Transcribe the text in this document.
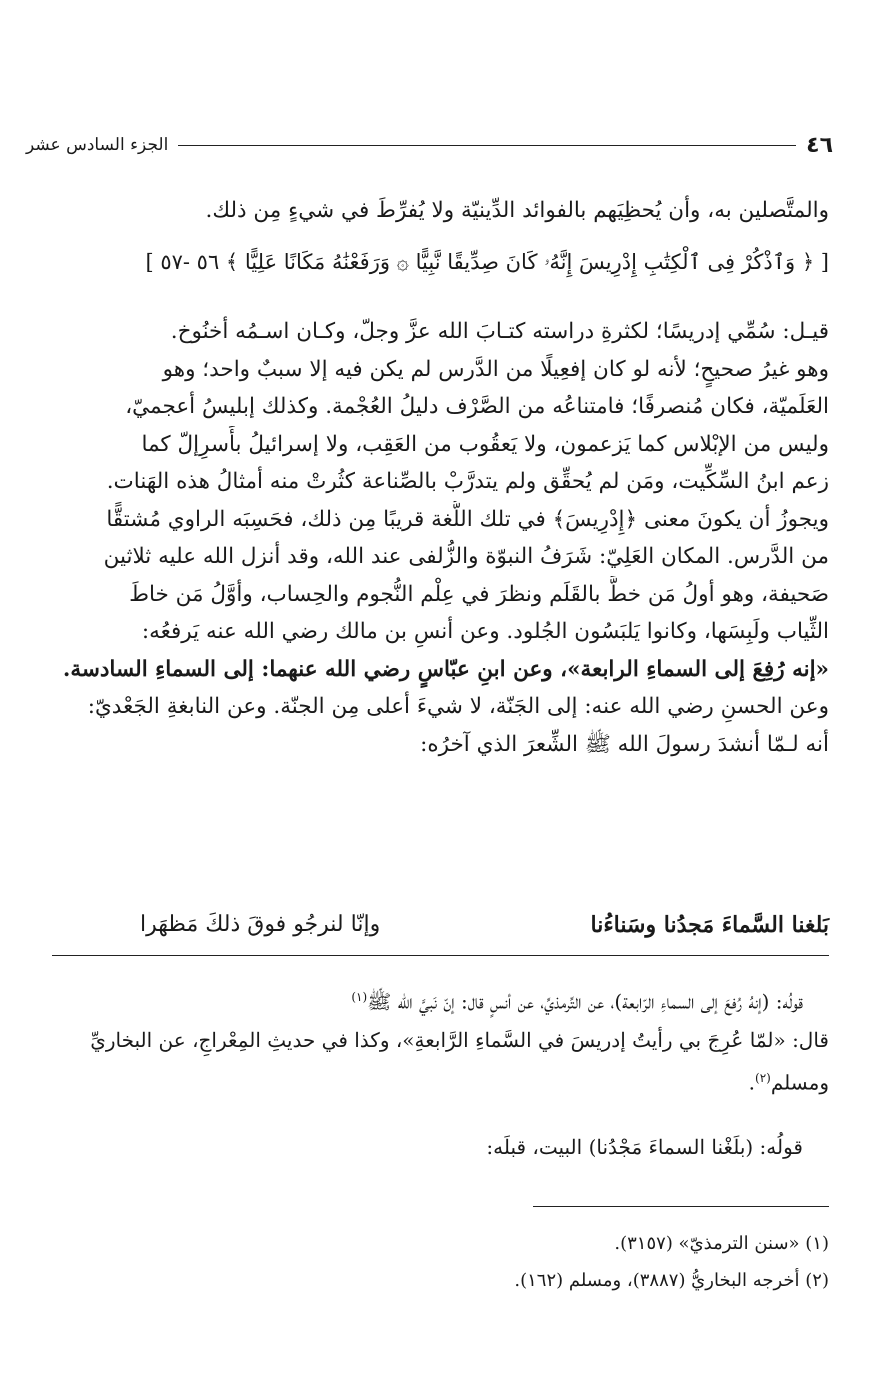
٤٦
الجزء السادس عشر
والمتَّصلين به، وأن يُحظِيَهم بالفوائد الدِّينيّة ولا يُفرِّطَ في شيءٍ مِن ذلك.
[ ﴿ وَٱذْكُرْ فِى ٱلْكِتَٰبِ إِدْرِيسَ إِنَّهُۥ كَانَ صِدِّيقًا نَّبِيًّا ۞ وَرَفَعْنَٰهُ مَكَانًا عَلِيًّا ﴾ ٥٦ -٥٧ ]
قيـل: سُمِّي إدريسًا؛ لكثرةِ دراسته كتـابَ الله عزَّ وجلّ، وكـان اسـمُه أخنُوخ.
وهو غيرُ صحيحٍ؛ لأنه لو كان إفعِيلًا من الدَّرس لم يكن فيه إلا سببٌ واحد؛ وهو
العَلَميّة، فكان مُنصرفًا؛ فامتناعُه من الصَّرْف دليلُ العُجْمة. وكذلك إبليسُ أعجميّ،
وليس من الإبْلاس كما يَزعمون، ولا يَعقُوب من العَقِب، ولا إسرائيلُ بأَسرِإلّ كما
زعم ابنُ السِّكِّيت، ومَن لم يُحقِّق ولم يتدرَّبْ بالصِّناعة كثُرتْ منه أمثالُ هذه الهَنات.
ويجوزُ أن يكونَ معنى ﴿إِدْرِيسَ﴾ في تلك اللُّغة قريبًا مِن ذلك، فحَسِبَه الراوي مُشتقًّا
من الدَّرس. المكان العَلِيّ: شَرَفُ النبوّة والزُّلفى عند الله، وقد أنزل الله عليه ثلاثين
صَحيفة، وهو أولُ مَن خطَّ بالقَلَم ونظرَ في عِلْم النُّجوم والحِساب، وأوَّلُ مَن خاطَ
الثِّياب ولَبِسَها، وكانوا يَلبَسُون الجُلود. وعن أنسِ بن مالك رضي الله عنه يَرفعُه:
«إنه رُفِعَ إلى السماءِ الرابعة»، وعن ابنِ عبّاسٍ رضي الله عنهما: إلى السماءِ السادسة.
وعن الحسنِ رضي الله عنه: إلى الجَنّة، لا شيءَ أعلى مِن الجنّة. وعن النابغةِ الجَعْديّ:
أنه لـمّا أنشدَ رسولَ الله ﷺ الشِّعرَ الذي آخرُه:
بَلغنا السَّماءَ مَجدُنا وسَناءُنا
وإنّا لنرجُو فوقَ ذلكَ مَظهَرا
قولُه: (إنهُ رُفعَ إلى السماءِ الرّابعة)، عن التِّرمذيِّ، عن أنسٍ قال: إنّ نَبيَّ الله ﷺ$^{(١)}$
قال: «لمّا عُرِجَ بي رأيتُ إدريسَ في السَّماءِ الرَّابعةِ»، وكذا في حديثِ المِعْراجِ، عن البخاريِّ
ومسلم$^{(٢)}$.
قولُه: (بلَغْنا السماءَ مَجْدُنا) البيت، قبلَه:
(١) «سنن الترمذيّ» (٣١٥٧).
(٢) أخرجه البخاريُّ (٣٨٨٧)، ومسلم (١٦٢).
